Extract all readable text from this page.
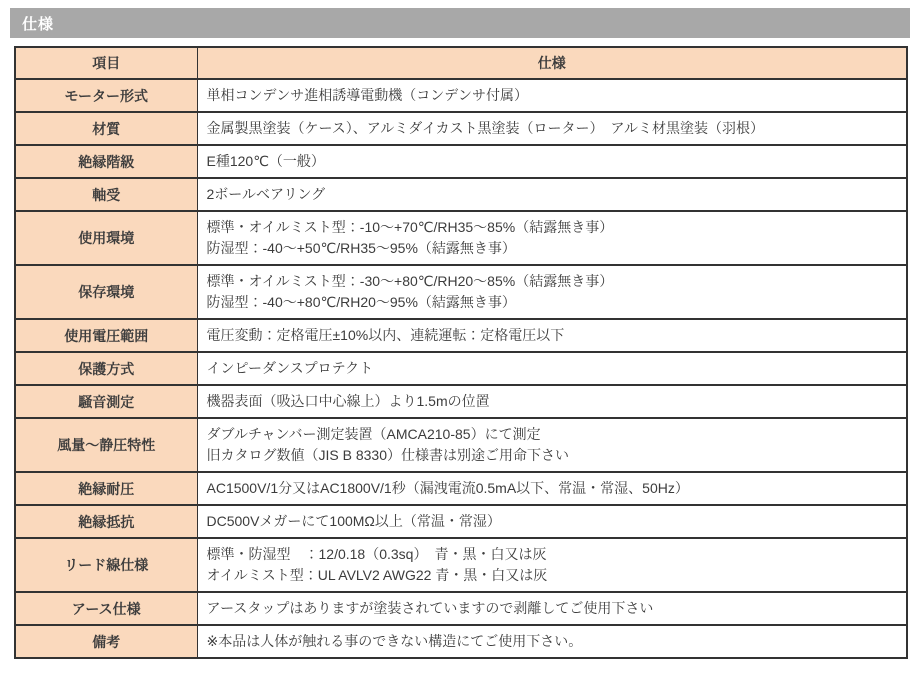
仕様
項目	仕様
モーター形式	単相コンデンサ進相誘導電動機（コンデンサ付属）

材質	金属製黒塗装（ケース）、アルミダイカスト黒塗装（ローター）　アルミ材黒塗装（羽根）

絶縁階級	E種120℃（一般）

軸受	2ボールベアリング

使用環境	標準・オイルミスト型：-10～+70℃/RH35～85%（結露無き事）
防湿型：-40～+50℃/RH35～95%（結露無き事）

保存環境	標準・オイルミスト型：-30～+80℃/RH20～85%（結露無き事）
防湿型：-40～+80℃/RH20～95%（結露無き事）

使用電圧範囲	電圧変動：定格電圧±10%以内、連続運転：定格電圧以下

保護方式	インピーダンスプロテクト

騒音測定	機器表面（吸込口中心線上）より1.5mの位置

風量～静圧特性	ダブルチャンバー測定装置（AMCA210-85）にて測定
旧カタログ数値（JIS B 8330）仕様書は別途ご用命下さい

絶縁耐圧	AC1500V/1分又はAC1800V/1秒（漏洩電流0.5mA以下、常温・常湿、50Hz）

絶縁抵抗	DC500Vメガーにて100MΩ以上（常温・常湿）

リード線仕様	標準・防湿型　：12/0.18（0.3sq）　青・黒・白又は灰
オイルミスト型：UL AVLV2 AWG22 青・黒・白又は灰

アース仕様	アースタップはありますが塗装されていますので剥離してご使用下さい

備考	※本品は人体が触れる事のできない構造にてご使用下さい。
